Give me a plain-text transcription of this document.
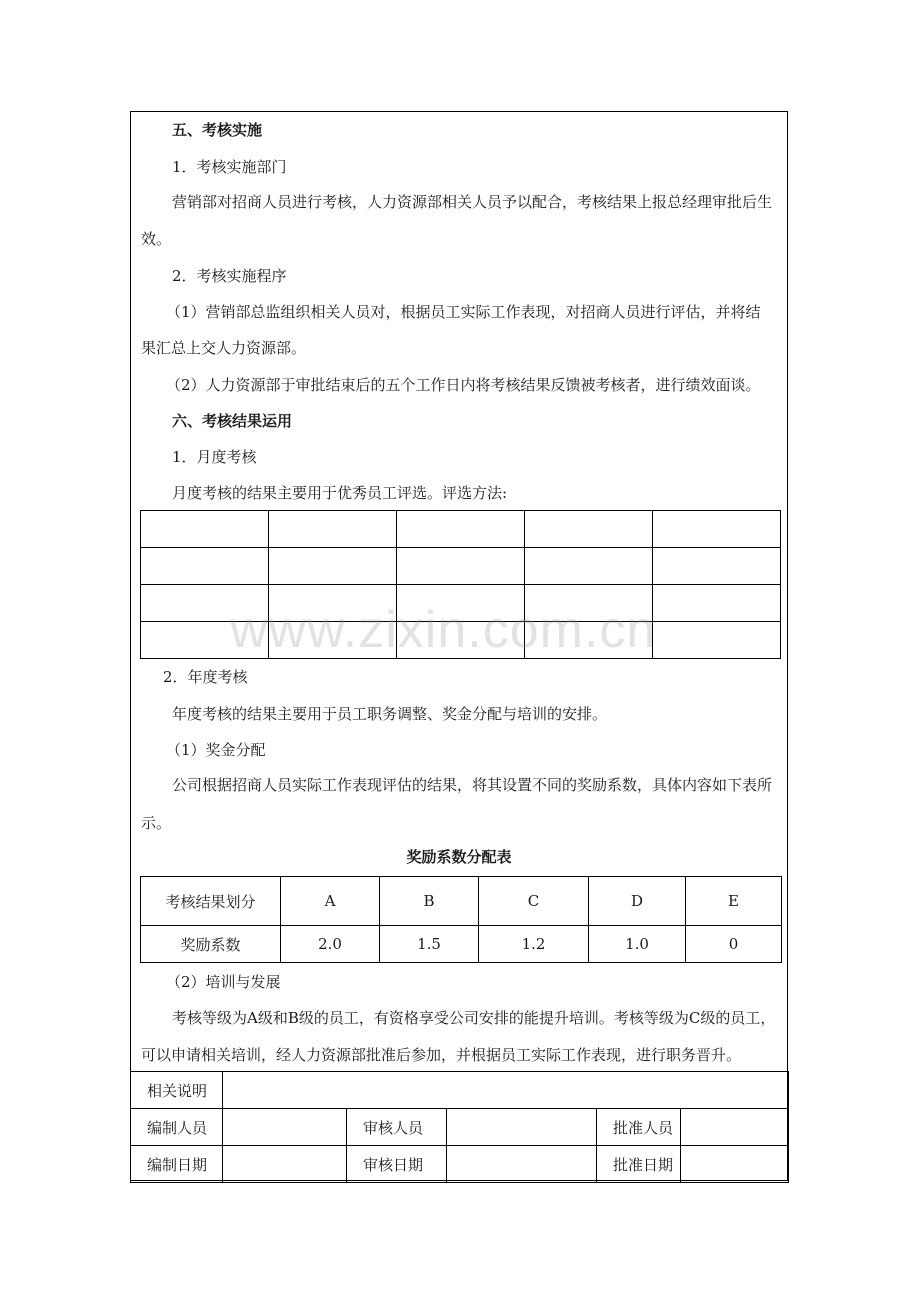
五、考核实施
1．考核实施部门
营销部对招商人员进行考核，人力资源部相关人员予以配合，考核结果上报总经理审批后生
效。
2．考核实施程序
（1）营销部总监组织相关人员对，根据员工实际工作表现，对招商人员进行评估，并将结
果汇总上交人力资源部。
（2）人力资源部于审批结束后的五个工作日内将考核结果反馈被考核者，进行绩效面谈。
六、考核结果运用
1．月度考核
月度考核的结果主要用于优秀员工评选。评选方法:

www.zixin.com.cn
2．年度考核
年度考核的结果主要用于员工职务调整、奖金分配与培训的安排。
（1）奖金分配
公司根据招商人员实际工作表现评估的结果，将其设置不同的奖励系数，具体内容如下表所
示。
奖励系数分配表
考核结果划分	A	B	C	D	E
奖励系数	2.0	1.5	1.2	1.0	0
（2）培训与发展
考核等级为A级和B级的员工，有资格享受公司安排的能提升培训。考核等级为C级的员工，
可以申请相关培训，经人力资源部批准后参加，并根据员工实际工作表现，进行职务晋升。
相关说明					
编制人员		审核人员		批准人员	
编制日期		审核日期		批准日期	
